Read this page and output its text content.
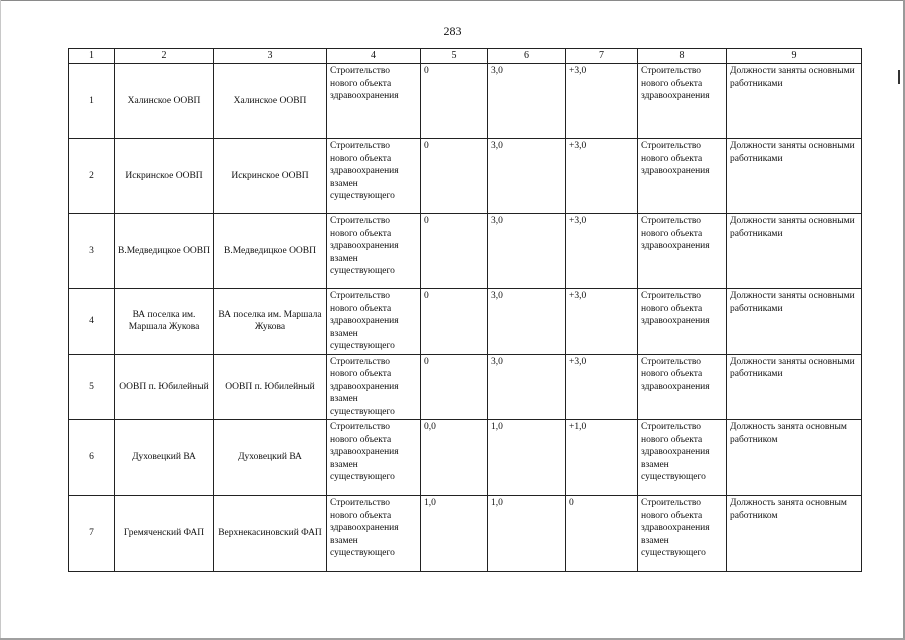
283
1	2	3	4	5	6	7	8	9
1	Халинское ООВП	Халинское ООВП	Строительство нового объекта здравоохранения	0	3,0	+3,0	Строительство нового объекта здравоохранения	Должности заняты основными работниками
2	Искринское ООВП	Искринское ООВП	Строительство нового объекта здравоохранения взамен существующего	0	3,0	+3,0	Строительство нового объекта здравоохранения	Должности заняты основными работниками
3	В.Медведицкое ООВП	В.Медведицкое ООВП	Строительство нового объекта здравоохранения взамен существующего	0	3,0	+3,0	Строительство нового объекта здравоохранения	Должности заняты основными работниками
4	ВА поселка им. Маршала Жукова	ВА поселка им. Маршала Жукова	Строительство нового объекта здравоохранения взамен существующего	0	3,0	+3,0	Строительство нового объекта здравоохранения	Должности заняты основными работниками
5	ООВП п. Юбилейный	ООВП п. Юбилейный	Строительство нового объекта здравоохранения взамен существующего	0	3,0	+3,0	Строительство нового объекта здравоохранения	Должности заняты основными работниками
6	Духовецкий ВА	Духовецкий ВА	Строительство нового объекта здравоохранения взамен существующего	0,0	1,0	+1,0	Строительство нового объекта здравоохранения взамен существующего	Должность занята основным работником
7	Гремяченский ФАП	Верхнекасиновский ФАП	Строительство нового объекта здравоохранения взамен существующего	1,0	1,0	0	Строительство нового объекта здравоохранения взамен существующего	Должность занята основным работником
